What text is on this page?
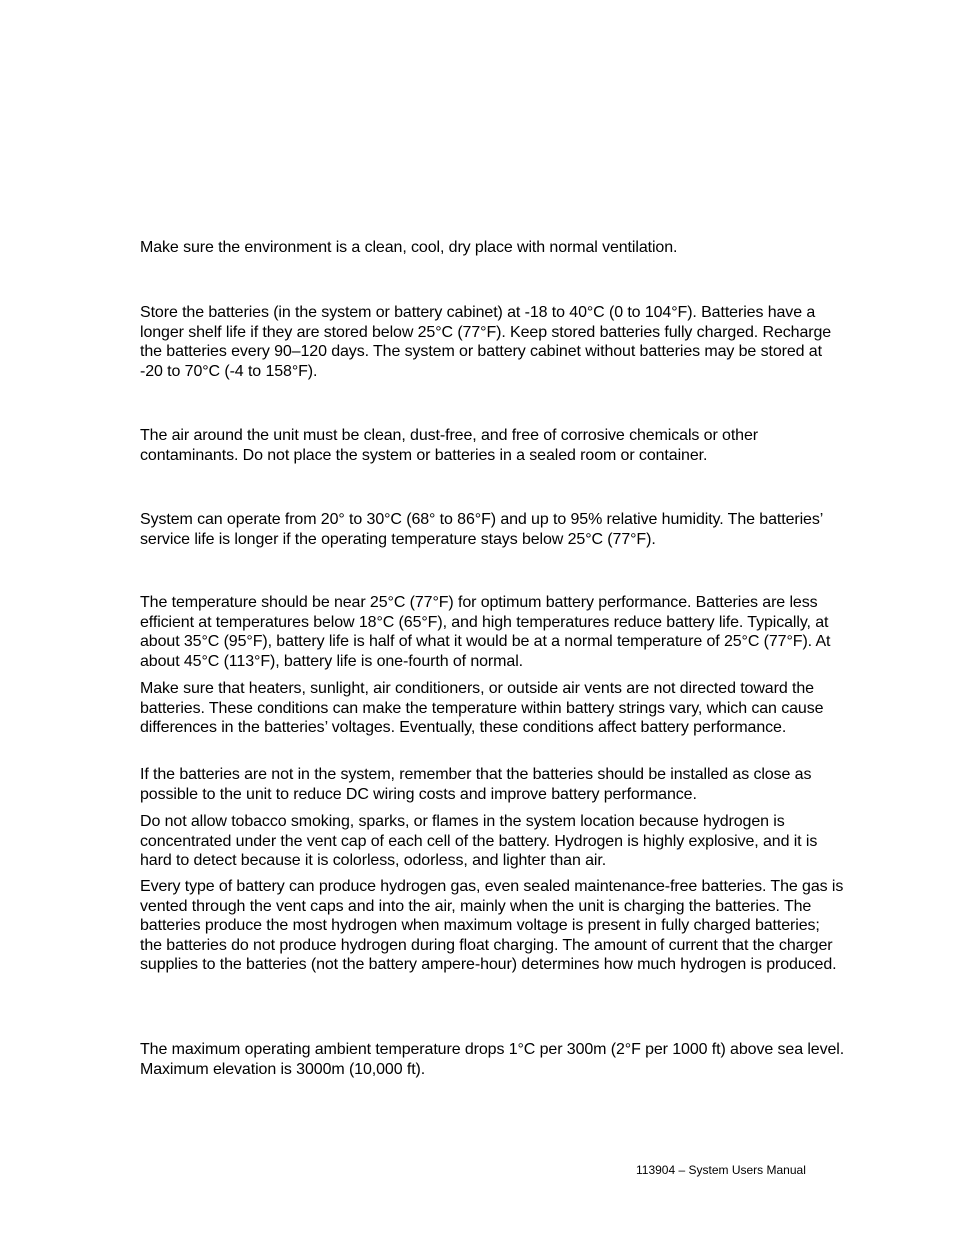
Make sure the environment is a clean, cool, dry place with normal ventilation.

Store the batteries (in the system or battery cabinet) at -18 to 40°C (0 to 104°F). Batteries have a longer shelf life if they are stored below 25°C (77°F). Keep stored batteries fully charged. Recharge the batteries every 90–120 days. The system or battery cabinet without batteries may be stored at -20 to 70°C (-4 to 158°F).

The air around the unit must be clean, dust-free, and free of corrosive chemicals or other contaminants. Do not place the system or batteries in a sealed room or container.

System can operate from 20° to 30°C (68° to 86°F) and up to 95% relative humidity. The batteries’ service life is longer if the operating temperature stays below 25°C (77°F).

The temperature should be near 25°C (77°F) for optimum battery performance. Batteries are less efficient at temperatures below 18°C (65°F), and high temperatures reduce battery life. Typically, at about 35°C (95°F), battery life is half of what it would be at a normal temperature of 25°C (77°F). At about 45°C (113°F), battery life is one-fourth of normal.

Make sure that heaters, sunlight, air conditioners, or outside air vents are not directed toward the batteries. These conditions can make the temperature within battery strings vary, which can cause differences in the batteries’ voltages. Eventually, these conditions affect battery performance.

If the batteries are not in the system, remember that the batteries should be installed as close as possible to the unit to reduce DC wiring costs and improve battery performance.

Do not allow tobacco smoking, sparks, or flames in the system location because hydrogen is concentrated under the vent cap of each cell of the battery. Hydrogen is highly explosive, and it is hard to detect because it is colorless, odorless, and lighter than air.

Every type of battery can produce hydrogen gas, even sealed maintenance-free batteries. The gas is vented through the vent caps and into the air, mainly when the unit is charging the batteries. The batteries produce the most hydrogen when maximum voltage is present in fully charged batteries; the batteries do not produce hydrogen during float charging. The amount of current that the charger supplies to the batteries (not the battery ampere-hour) determines how much hydrogen is produced.

The maximum operating ambient temperature drops 1°C per 300m (2°F per 1000 ft) above sea level. Maximum elevation is 3000m (10,000 ft).

113904 – System Users Manual
